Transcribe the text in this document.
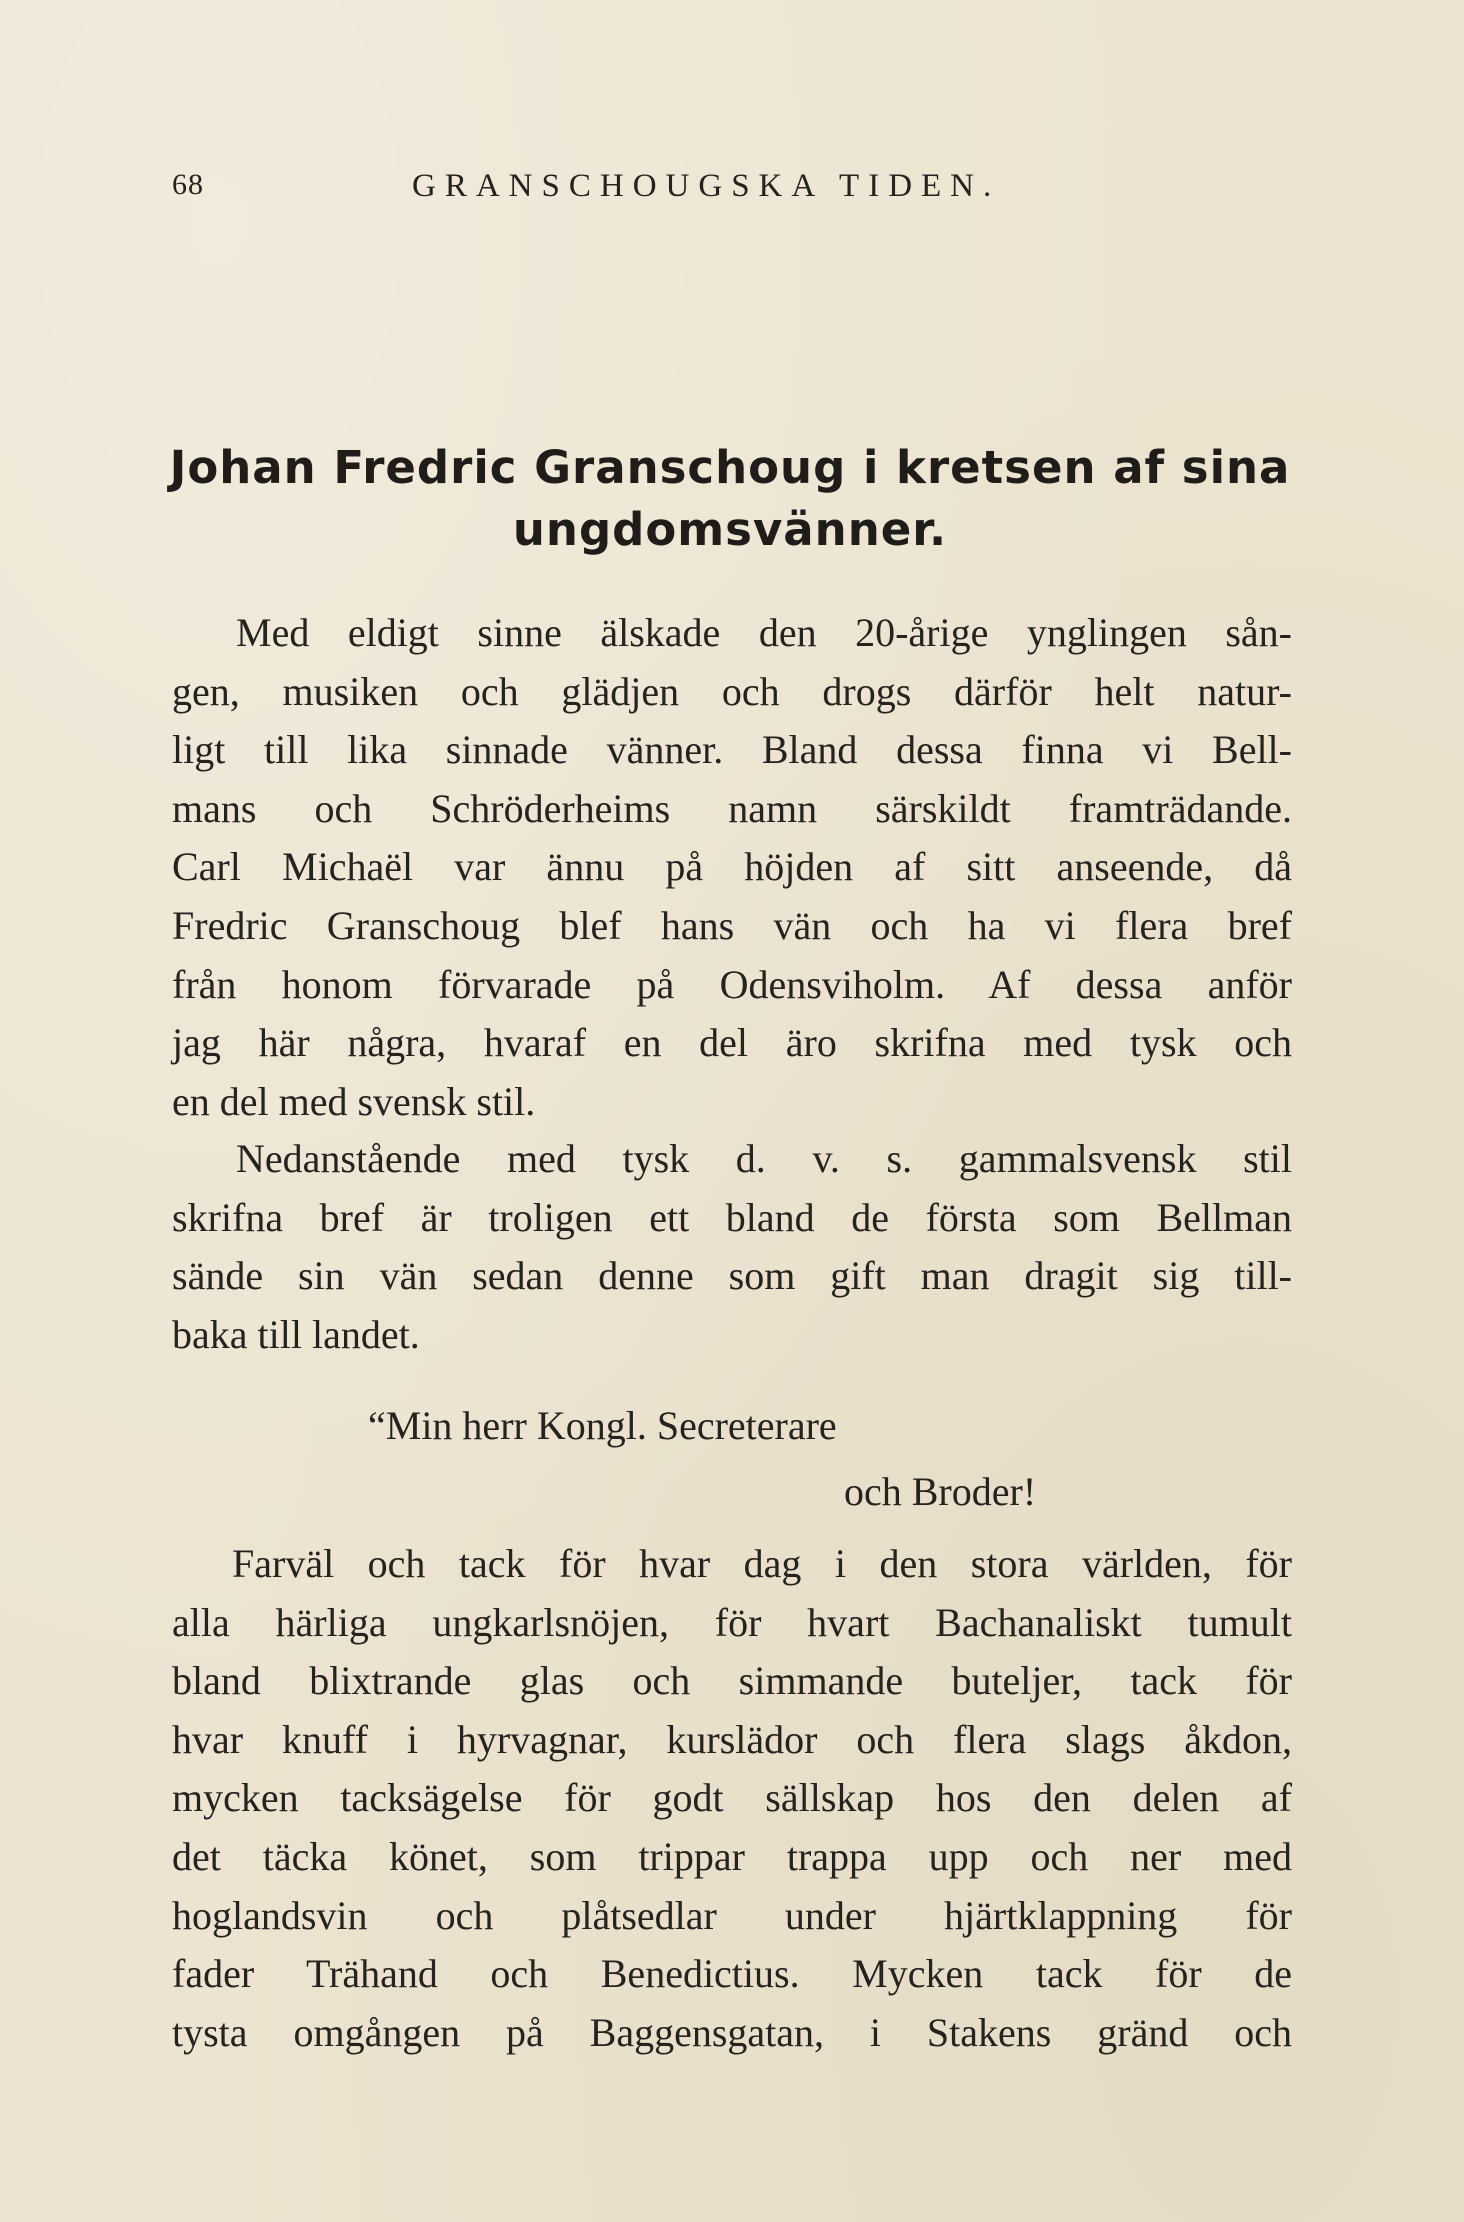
68	GRANSCHOUGSKA TIDEN.
Johan Fredric Granschoug i kretsen af sina
ungdomsvänner.
Med eldigt sinne älskade den 20-årige ynglingen sån-
gen, musiken och glädjen och drogs därför helt natur-
ligt till lika sinnade vänner. Bland dessa finna vi Bell-
mans och Schröderheims namn särskildt framträdande.
Carl Michaël var ännu på höjden af sitt anseende, då
Fredric Granschoug blef hans vän och ha vi flera bref
från honom förvarade på Odensviholm. Af dessa anför
jag här några, hvaraf en del äro skrifna med tysk och
en del med svensk stil.
Nedanstående med tysk d. v. s. gammalsvensk stil
skrifna bref är troligen ett bland de första som Bellman
sände sin vän sedan denne som gift man dragit sig till-
baka till landet.
“Min herr Kongl. Secreterare
och Broder!
Farväl och tack för hvar dag i den stora världen, för
alla härliga ungkarlsnöjen, för hvart Bachanaliskt tumult
bland blixtrande glas och simmande buteljer, tack för
hvar knuff i hyrvagnar, kurslädor och flera slags åkdon,
mycken tacksägelse för godt sällskap hos den delen af
det täcka könet, som trippar trappa upp och ner med
hoglandsvin och plåtsedlar under hjärtklappning för
fader Trähand och Benedictius. Mycken tack för de
tysta omgången på Baggensgatan, i Stakens gränd och
